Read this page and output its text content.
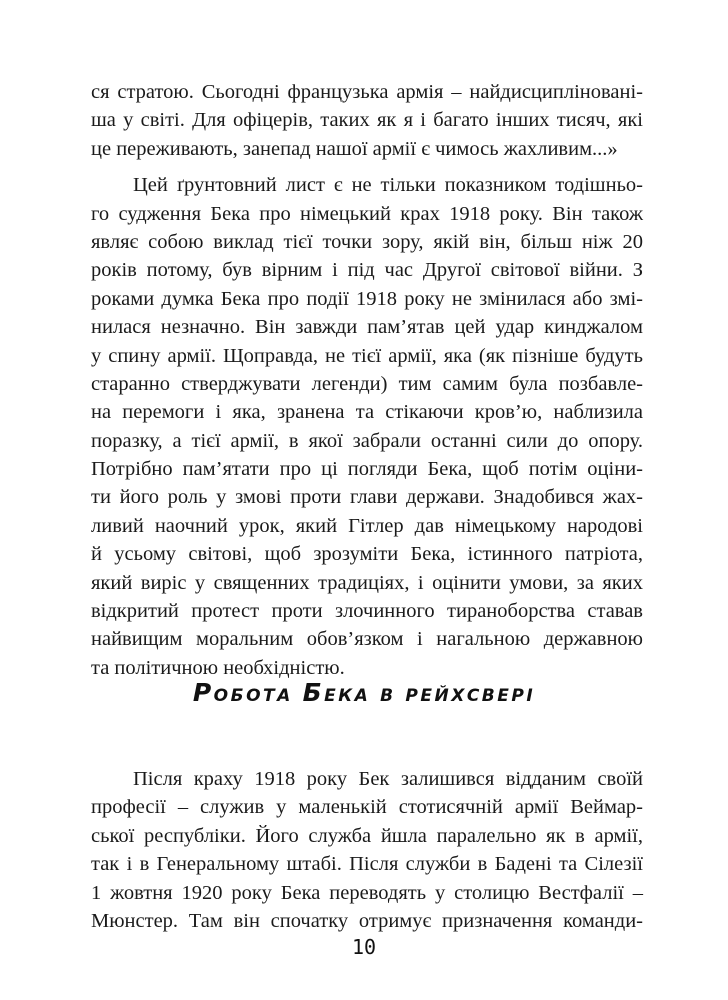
ся стратою. Сьогодні французька армія – найдисципліновані-
ша у світі. Для офіцерів, таких як я і багато інших тисяч, які
це переживають, занепад нашої армії є чимось жахливим...»
Цей ґрунтовний лист є не тільки показником тодішньо-
го судження Бека про німецький крах 1918 року. Він також
являє собою виклад тієї точки зору, якій він, більш ніж 20
років потому, був вірним і під час Другої світової війни. З
роками думка Бека про події 1918 року не змінилася або змі-
нилася незначно. Він завжди пам’ятав цей удар кинджалом
у спину армії. Щоправда, не тієї армії, яка (як пізніше будуть
старанно стверджувати легенди) тим самим була позбавле-
на перемоги і яка, зранена та стікаючи кров’ю, наблизила
поразку, а тієї армії, в якої забрали останні сили до опору.
Потрібно пам’ятати про ці погляди Бека, щоб потім оціни-
ти його роль у змові проти глави держави. Знадобився жах-
ливий наочний урок, який Гітлер дав німецькому народові
й усьому світові, щоб зрозуміти Бека, істинного патріота,
який виріс у священних традиціях, і оцінити умови, за яких
відкритий протест проти злочинного тираноборства ставав
найвищим моральним обов’язком і нагальною державною
та політичною необхідністю.
РОБОТА БЕКА В РЕЙХСВЕРІ
Після краху 1918 року Бек залишився відданим своїй
професії – служив у маленькій стотисячній армії Веймар-
ської республіки. Його служба йшла паралельно як в армії,
так і в Генеральному штабі. Після служби в Бадені та Сілезії
1 жовтня 1920 року Бека переводять у столицю Вестфалії –
Мюнстер. Там він спочатку отримує призначення команди-
10
